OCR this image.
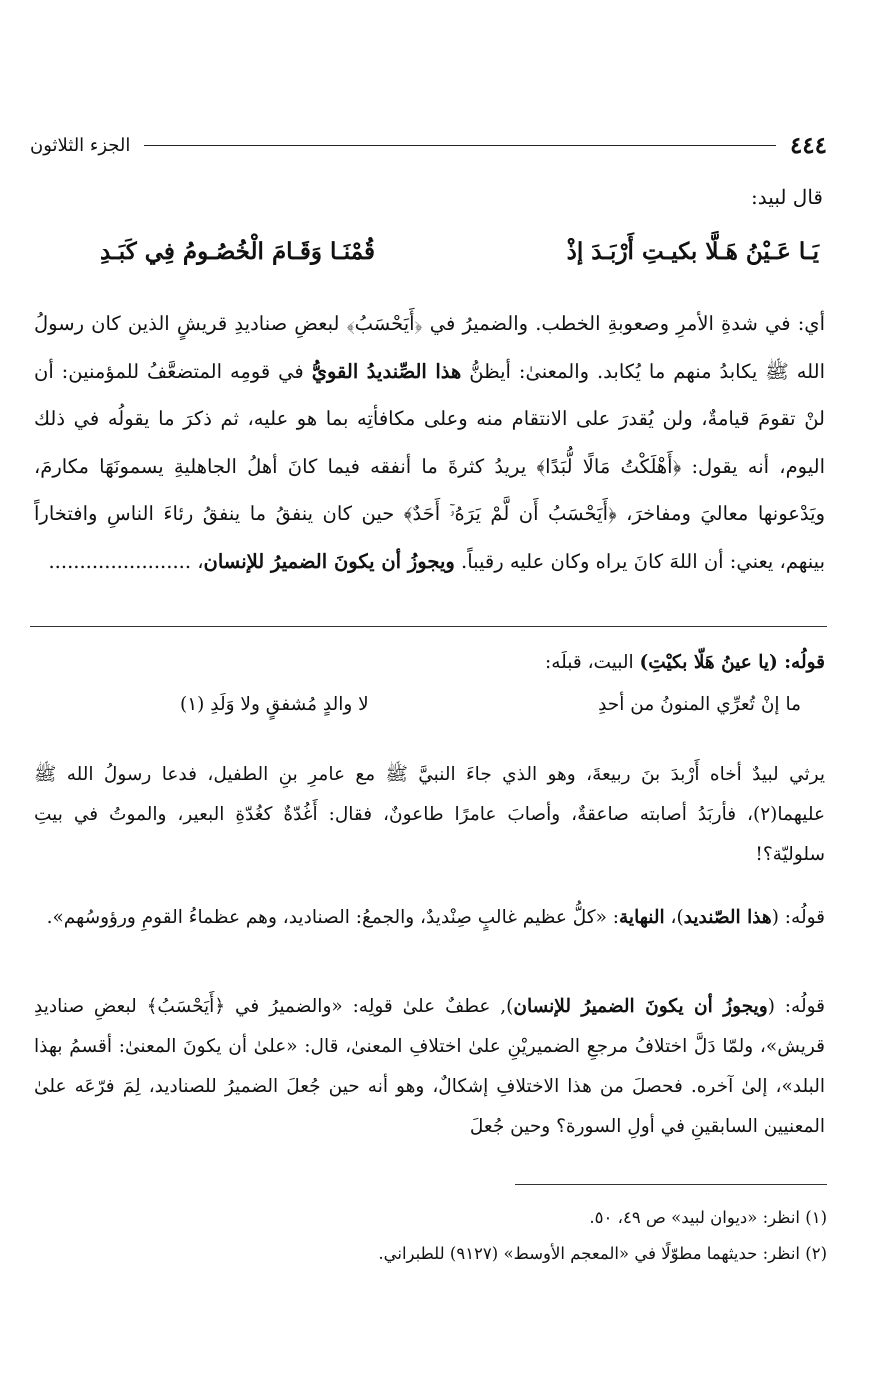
٤٤٤
الجزء الثلاثون
قال لبيد:
يَـا عَـيْنُ هَـلَّا بكيـتِ أَرْبَـدَ إذْ
قُمْنَـا وَقَـامَ الْخُصُـومُ فِي كَبَـدِ

أي: في شدةِ الأمرِ وصعوبةِ الخطب. والضميرُ في ﴿أَيَحْسَبُ﴾ لبعضِ صناديدِ قريشٍ الذين كان رسولُ الله ﷺ يكابدُ منهم ما يُكابد. والمعنىٰ: أيظنُّ هذا الصِّنديدُ القويُّ في قومِه المتضعَّفُ للمؤمنين: أن لنْ تقومَ قيامةٌ، ولن يُقدرَ على الانتقام منه وعلى مكافأتِه بما هو عليه، ثم ذكرَ ما يقولُه في ذلك اليوم، أنه يقول: ﴿أَهْلَكْتُ مَالًا لُّبَدًا﴾ يريدُ كثرةَ ما أنفقه فيما كانَ أهلُ الجاهليةِ يسمونَهَا مكارمَ، ويَدْعونها معاليَ ومفاخرَ، ﴿أَيَحْسَبُ أَن لَّمْ يَرَهُۥٓ أَحَدٌ﴾ حين كان ينفقُ ما ينفقُ رئاءَ الناسِ وافتخاراً بينهم، يعني: أن اللهَ كانَ يراه وكان عليه رقيباً. ويجوزُ أن يكونَ الضميرُ للإنسان، .......................

قولُه: (يا عينُ هَلّا بكيْتِ) البيت، قبلَه:

ما إنْ تُعرِّي المنونُ من أحدِ
لا والدٍ مُشفقٍ ولا وَلَدِ (١)

يرثي لبيدٌ أخاه أَرْبدَ بنَ ربيعةَ، وهو الذي جاءَ النبيَّ ﷺ مع عامرِ بنِ الطفيل، فدعا رسولُ الله ﷺ عليهما(٢)، فأربَدُ أصابته صاعقةٌ، وأصابَ عامرًا طاعونٌ، فقال: أَغُدّةٌ كغُدّةِ البعير، والموتُ في بيتِ سلوليّة؟!

قولُه: (هذا الصّنديد)، النهاية: «كلُّ عظيم غالبٍ صِنْديدٌ، والجمعُ: الصناديد، وهم عظماءُ القومِ ورؤوسُهم».

قولُه: (ويجوزُ أن يكونَ الضميرُ للإنسان), عطفٌ علىٰ قولِه: «والضميرُ في ﴿أَيَحْسَبُ﴾ لبعضِ صناديدِ قريش»، ولمّا دَلَّ اختلافُ مرجعِ الضميريْنِ علىٰ اختلافِ المعنىٰ، قال: «علىٰ أن يكونَ المعنىٰ: أقسمُ بهذا البلد»، إلىٰ آخره. فحصلَ من هذا الاختلافِ إشكالٌ، وهو أنه حين جُعلَ الضميرُ للصناديد، لِمَ فرّعَه علىٰ المعنيين السابقينِ في أولِ السورة؟ وحين جُعلَ

(١) انظر: «ديوان لبيد» ص ٤٩، ٥٠.

(٢) انظر: حديثهما مطوّلًا في «المعجم الأوسط» (٩١٢٧) للطبراني.
